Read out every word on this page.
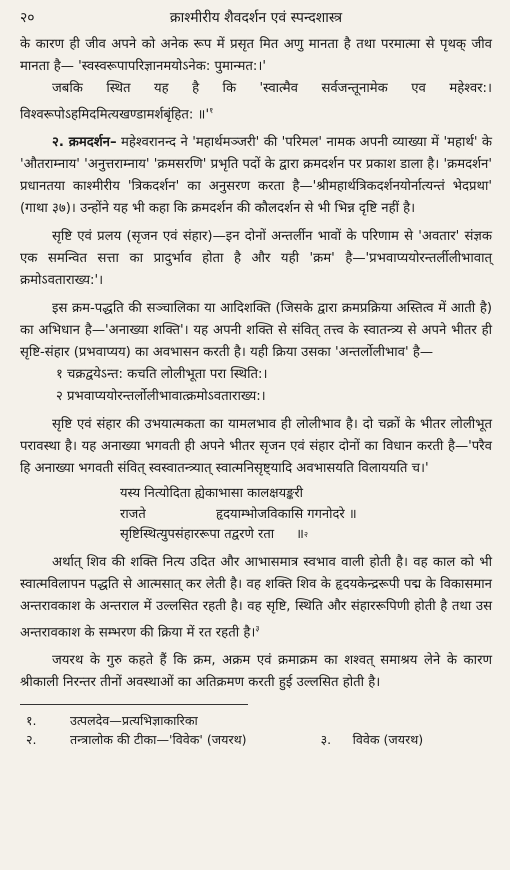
२०	क्राश्मीरीय शैवदर्शन एवं स्पन्दशास्त्र

के कारण ही जीव अपने को अनेक रूप में प्रसृत मित अणु मानता है तथा परमात्मा से पृथक् जीव मानता है— 'स्वस्वरूपापरिज्ञानमयोऽनेक: पुमान्मत:।'

जबकि स्थित यह है कि 'स्वात्मैव सर्वजन्तूनामेक एव महेश्वर:। विश्वरूपोऽहमिदमित्यखण्डामर्शबृंहित: $॥'^१$

२. क्रमदर्शन– महेश्वरानन्द ने 'महार्थमञ्जरी' की 'परिमल' नामक अपनी व्याख्या में 'महार्थ' के 'औतराम्नाय' 'अनुत्तराम्नाय' 'क्रमसरणि' प्रभृति पदों के द्वारा क्रमदर्शन पर प्रकाश डाला है। 'क्रमदर्शन' प्रधानतया काश्मीरीय 'त्रिकदर्शन' का अनुसरण करता है—'श्रीमहार्थत्रिकदर्शनयोर्नात्यन्तं भेदप्रथा' (गाथा ३७)। उन्होंने यह भी कहा कि क्रमदर्शन की कौलदर्शन से भी भिन्न दृष्टि नहीं है।

सृष्टि एवं प्रलय (सृजन एवं संहार)—इन दोनों अन्तर्लीन भावों के परिणाम से 'अवतार' संज्ञक एक समन्वित सत्ता का प्रादुर्भाव होता है और यही 'क्रम' है—'प्रभवाप्ययोरन्तर्लीलीभावात् क्रमोऽवताराख्य:'।

इस क्रम-पद्धति की सञ्चालिका या आदिशक्ति (जिसके द्वारा क्रमप्रक्रिया अस्तित्व में आती है) का अभिधान है—'अनाख्या शक्ति'। यह अपनी शक्ति से संवित् तत्त्व के स्वातन्त्र्य से अपने भीतर ही सृष्टि-संहार (प्रभवाप्यय) का अवभासन करती है। यही क्रिया उसका 'अन्तर्लोलीभाव' है—

१ चक्रद्वयेऽन्त: कचति लोलीभूता परा स्थिति:।

२ प्रभवाप्ययोरन्तर्लोलीभावात्क्रमोऽवताराख्य:।

सृष्टि एवं संहार की उभयात्मकता का यामलभाव ही लोलीभाव है। दो चक्रों के भीतर लोलीभूत परावस्था है। यह अनाख्या भगवती ही अपने भीतर सृजन एवं संहार दोनों का विधान करती है—'परैव हि अनाख्या भगवती संवित् स्वस्वातन्त्र्यात् स्वात्मनिसृष्ट्यादि अवभासयति विलाययति च।'

यस्य नित्योदिता ह्येकाभासा कालक्षयङ्करी
राजते	हृदयाम्भोजविकासि गगनोदरे ॥
सृष्टिस्थित्युपसंहाररूपा तद्वरणे रता	॥ २

अर्थात् शिव की शक्ति नित्य उदित और आभासमात्र स्वभाव वाली होती है। वह काल को भी स्वात्मविलापन पद्धति से आत्मसात् कर लेती है। वह शक्ति शिव के हृदयकेन्द्ररूपी पद्म के विकासमान अन्तरावकाश के अन्तराल में उल्लसित रहती है। वह सृष्टि, स्थिति और संहाररूपिणी होती है तथा उस अन्तरावकाश के सम्भरण की क्रिया में रत रहती है।$^३$

जयरथ के गुरु कहते हैं कि क्रम, अक्रम एवं क्रमाक्रम का शश्वत् समाश्रय लेने के कारण श्रीकाली निरन्तर तीनों अवस्थाओं का अतिक्रमण करती हुई उल्लसित होती है।

१.	उत्पलदेव—प्रत्यभिज्ञाकारिका
२.	तन्त्रालोक की टीका—'विवेक' (जयरथ)	३.	विवेक (जयरथ)
